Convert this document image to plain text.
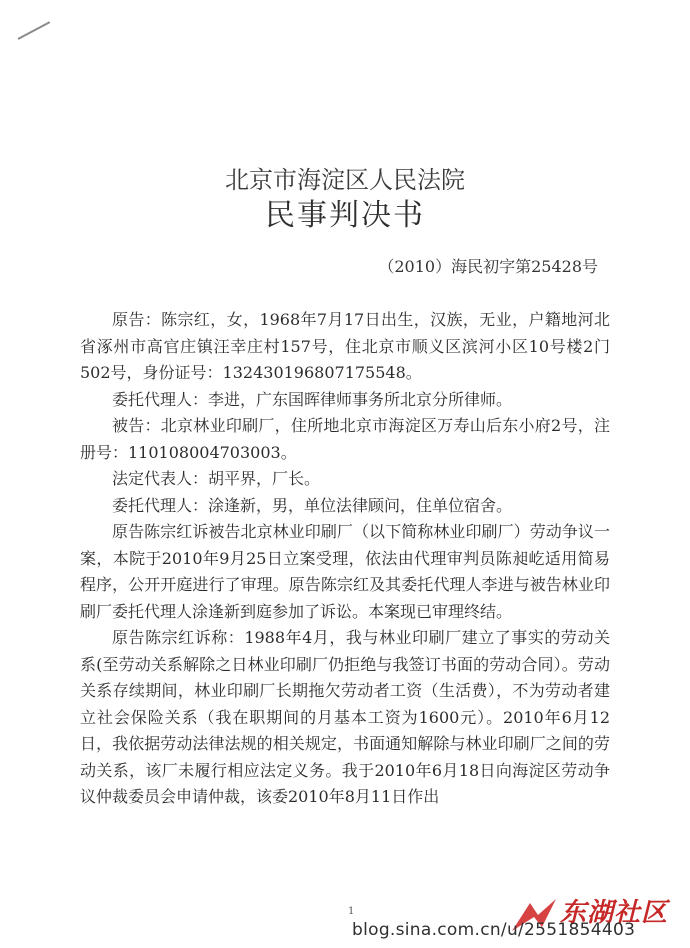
北京市海淀区人民法院
民事判决书
（2010）海民初字第25428号

原告：陈宗红，女，1968年7月17日出生，汉族，无业，户籍地河北省涿州市高官庄镇汪幸庄村157号，住北京市顺义区滨河小区10号楼2门502号，身份证号：132430196807175548。

委托代理人：李进，广东国晖律师事务所北京分所律师。

被告：北京林业印刷厂，住所地北京市海淀区万寿山后东小府2号，注册号：110108004703003。

法定代表人：胡平界，厂长。

委托代理人：涂逢新，男，单位法律顾问，住单位宿舍。

原告陈宗红诉被告北京林业印刷厂（以下简称林业印刷厂）劳动争议一案，本院于2010年9月25日立案受理，依法由代理审判员陈昶屹适用简易程序，公开开庭进行了审理。原告陈宗红及其委托代理人李进与被告林业印刷厂委托代理人涂逢新到庭参加了诉讼。本案现已审理终结。

原告陈宗红诉称：1988年4月，我与林业印刷厂建立了事实的劳动关系(至劳动关系解除之日林业印刷厂仍拒绝与我签订书面的劳动合同）。劳动关系存续期间，林业印刷厂长期拖欠劳动者工资（生活费），不为劳动者建立社会保险关系（我在职期间的月基本工资为1600元）。2010年6月12日，我依据劳动法律法规的相关规定，书面通知解除与林业印刷厂之间的劳动关系，该厂未履行相应法定义务。我于2010年6月18日向海淀区劳动争议仲裁委员会申请仲裁，该委2010年8月11日作出

1	东湖社区
blog.sina.com.cn/u/2551854403
